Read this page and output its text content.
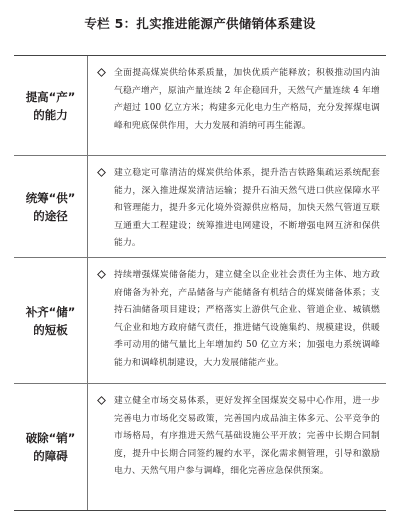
专栏 5：扎实推进能源产供储销体系建设
提高“产”
的能力
全面提高煤炭供给体系质量，加快优质产能释放；积极推动国内油气稳产增产，原油产量连续 2 年企稳回升，天然气产量连续 4 年增产超过 100 亿立方米；构建多元化电力生产格局，充分发挥煤电调峰和兜底保供作用，大力发展和消纳可再生能源。
统筹“供”
的途径
建立稳定可靠清洁的煤炭供给体系，提升浩吉铁路集疏运系统配套能力，深入推进煤炭清洁运输；提升石油天然气进口供应保障水平和管理能力，提升多元化境外资源供应格局，加快天然气管道互联互通重大工程建设；统筹推进电网建设，不断增强电网互济和保供能力。
补齐“储”
的短板
持续增强煤炭储备能力，建立健全以企业社会责任为主体、地方政府储备为补充，产品储备与产能储备有机结合的煤炭储备体系；支持石油储备项目建设；严格落实上游供气企业、管道企业、城镇燃气企业和地方政府储气责任，推进储气设施集约、规模建设，供暖季可动用的储气量比上年增加约 50 亿立方米；加强电力系统调峰能力和调峰机制建设，大力发展储能产业。
破除“销”
的障碍
建立健全市场交易体系，更好发挥全国煤炭交易中心作用，进一步完善电力市场化交易政策，完善国内成品油主体多元、公平竞争的市场格局，有序推进天然气基础设施公平开放；完善中长期合同制度，提升中长期合同签约履约水平，深化需求侧管理，引导和激励电力、天然气用户参与调峰，细化完善应急保供预案。
